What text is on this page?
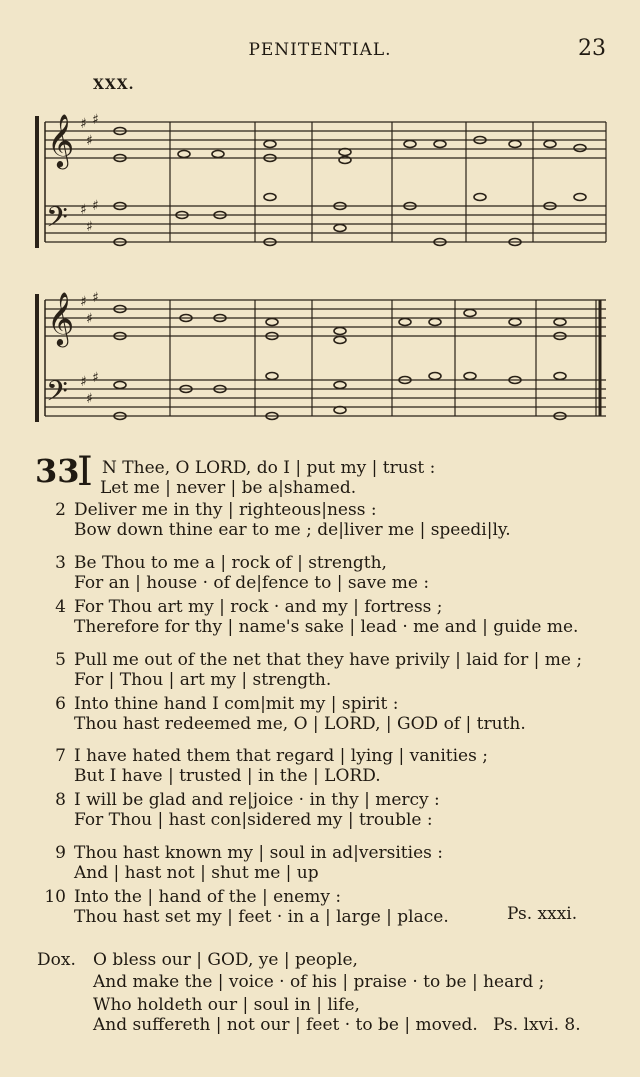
PENITENTIAL.	23
XXX.
𝄞
𝄢
𝄞
𝄢
♯
♯
♯
♯
♯
♯
♯
♯
♯
♯
♯
♯
33
I N Thee, O LORD, do I | put my | trust :
Let me | never | be a|shamed.
2 Deliver me in thy | righteous|ness :
Bow down thine ear to me ; de|liver me | speedi|ly.
3 Be Thou to me a | rock of | strength,
For an | house · of de|fence to | save me :
4 For Thou art my | rock · and my | fortress ;
Therefore for thy | name's sake | lead · me and | guide me.
5 Pull me out of the net that they have privily | laid for | me ;
For | Thou | art my | strength.
6 Into thine hand I com|mit my | spirit :
Thou hast redeemed me, O | LORD, | GOD of | truth.
7 I have hated them that regard | lying | vanities ;
But I have | trusted | in the | LORD.
8 I will be glad and re|joice · in thy | mercy :
For Thou | hast con|sidered my | trouble :
9 Thou hast known my | soul in ad|versities :
And | hast not | shut me | up
10 Into the | hand of the | enemy :
Thou hast set my | feet · in a | large | place.	Ps. xxxi.
Dox. O bless our | GOD, ye | people,
And make the | voice · of his | praise · to be | heard ;
Who holdeth our | soul in | life,
And suffereth | not our | feet · to be | moved. Ps. lxvi. 8.
